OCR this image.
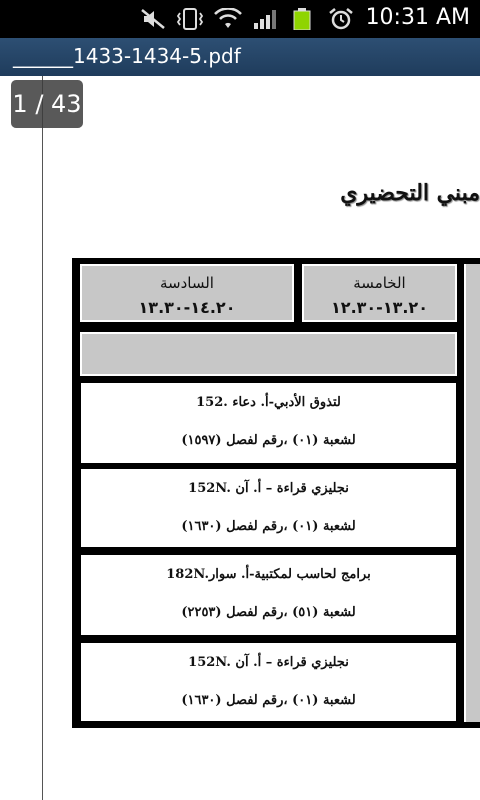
10:31 AM
______1433-1434-5.pdf
مبني التحضيري
السادسة
١٤.٢٠-١٣.٣٠
الخامسة
١٣.٢٠-١٢.٣٠
152. لتذوق الأدبي-أ. دعاء
لشعبة (٠١) ،رقم لفصل (١٥٩٧)
152N. نجليزي قراءة – أ. آن
لشعبة (٠١) ،رقم لفصل (١٦٣٠)
182N.برامج لحاسب لمكتبية-أ. سوار
لشعبة (٥١) ،رقم لفصل (٢٢٥٣)
152N. نجليزي قراءة – أ. آن
لشعبة (٠١) ،رقم لفصل (١٦٣٠)
1 / 43
